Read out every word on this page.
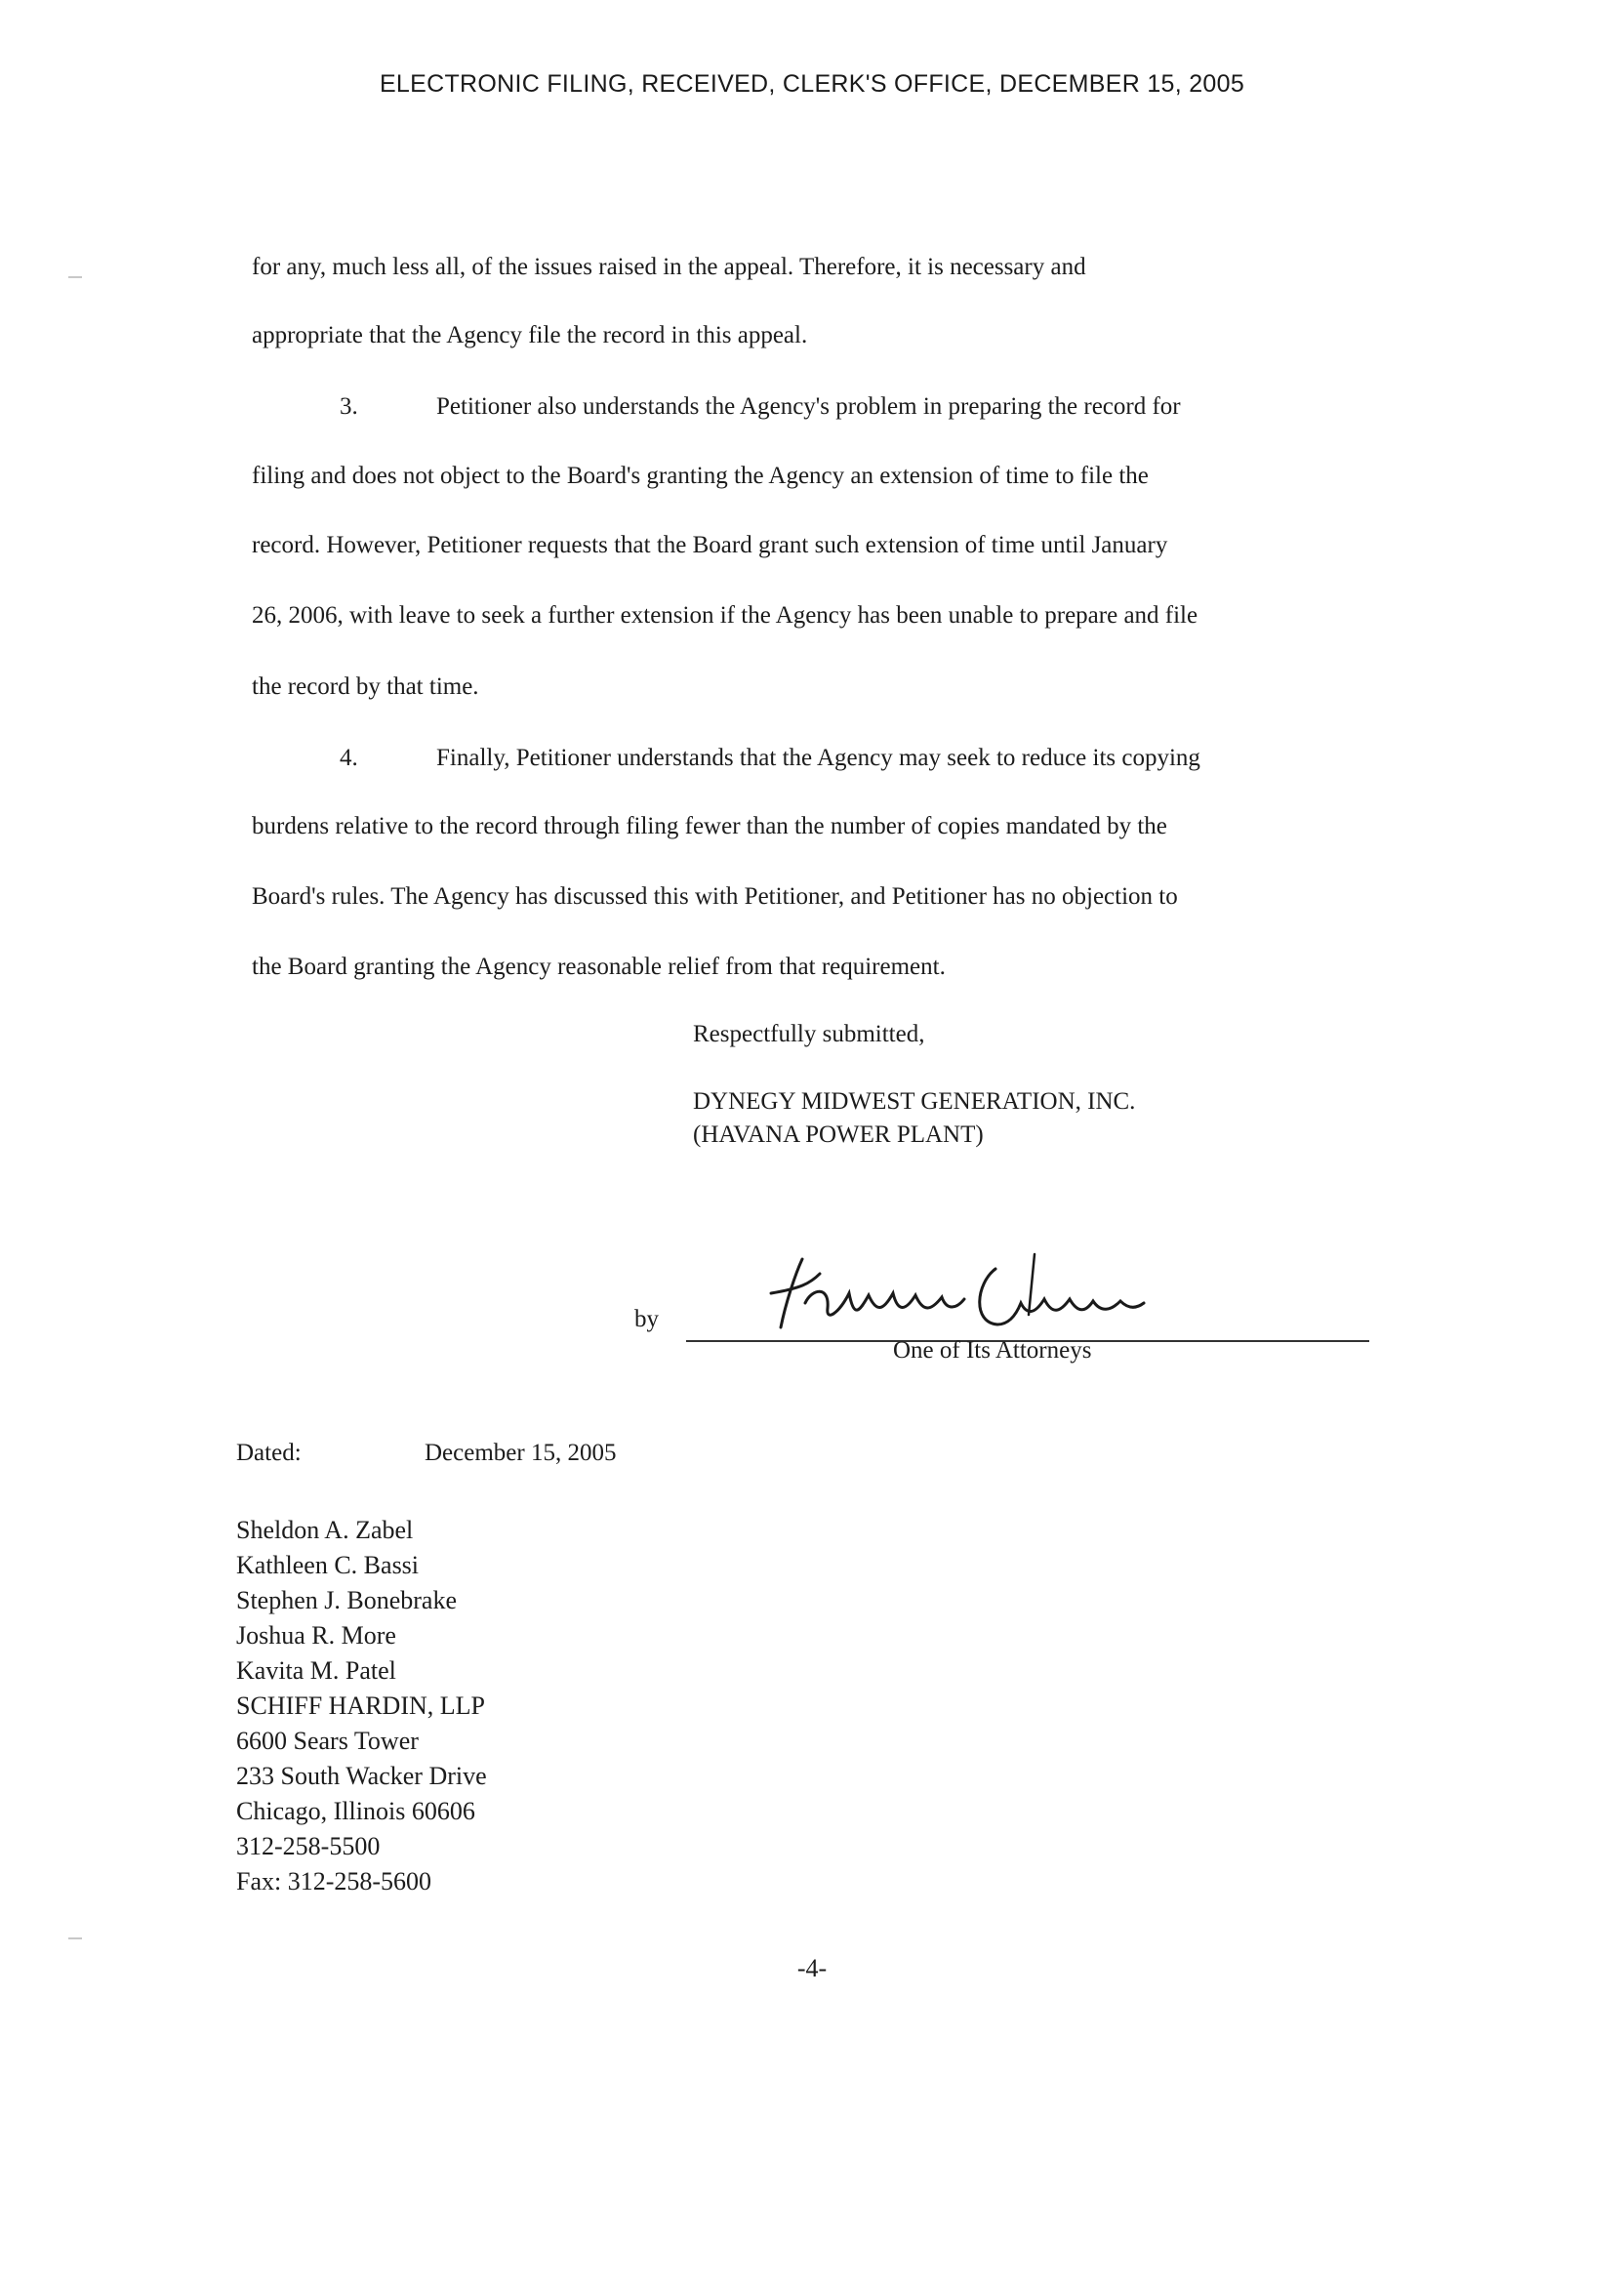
ELECTRONIC FILING, RECEIVED, CLERK'S OFFICE, DECEMBER 15, 2005
for any, much less all, of the issues raised in the appeal. Therefore, it is necessary and
appropriate that the Agency file the record in this appeal.
3.	Petitioner also understands the Agency's problem in preparing the record for
filing and does not object to the Board's granting the Agency an extension of time to file the
record. However, Petitioner requests that the Board grant such extension of time until January
26, 2006, with leave to seek a further extension if the Agency has been unable to prepare and file
the record by that time.
4.	Finally, Petitioner understands that the Agency may seek to reduce its copying
burdens relative to the record through filing fewer than the number of copies mandated by the
Board's rules. The Agency has discussed this with Petitioner, and Petitioner has no objection to
the Board granting the Agency reasonable relief from that requirement.
Respectfully submitted,
DYNEGY MIDWEST GENERATION, INC.
(HAVANA POWER PLANT)
by
One of Its Attorneys
Dated:	December 15, 2005
Sheldon A. Zabel
Kathleen C. Bassi
Stephen J. Bonebrake
Joshua R. More
Kavita M. Patel
SCHIFF HARDIN, LLP
6600 Sears Tower
233 South Wacker Drive
Chicago, Illinois 60606
312-258-5500
Fax: 312-258-5600
-4-
